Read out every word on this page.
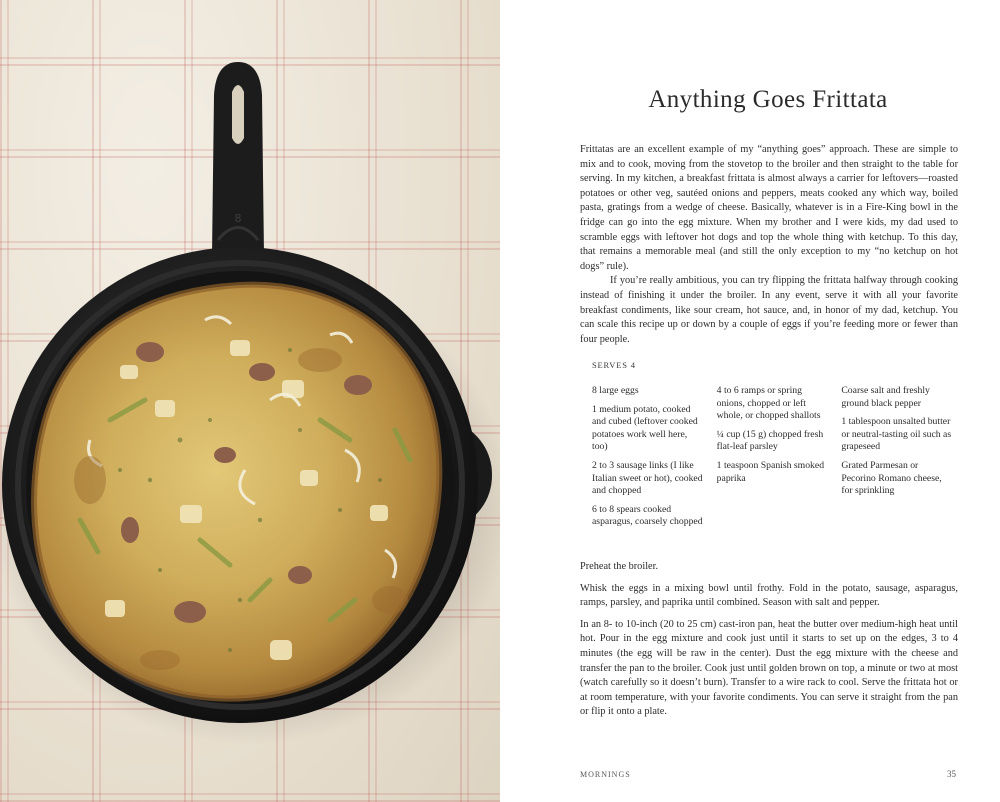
8
Anything Goes Frittata

Frittatas are an excellent example of my “anything goes” approach. These are simple to mix and to cook, moving from the stovetop to the broiler and then straight to the table for serving. In my kitchen, a breakfast frittata is almost always a carrier for leftovers—roasted potatoes or other veg, sautéed onions and peppers, meats cooked any which way, boiled pasta, gratings from a wedge of cheese. Basically, whatever is in a Fire-King bowl in the fridge can go into the egg mixture. When my brother and I were kids, my dad used to scramble eggs with leftover hot dogs and top the whole thing with ketchup. To this day, that remains a memorable meal (and still the only exception to my “no ketchup on hot dogs” rule).

If you’re really ambitious, you can try flipping the frittata halfway through cooking instead of finishing it under the broiler. In any event, serve it with all your favorite breakfast condiments, like sour cream, hot sauce, and, in honor of my dad, ketchup. You can scale this recipe up or down by a couple of eggs if you’re feeding more or fewer than four people.

SERVES 4

8 large eggs
1 medium potato, cooked and cubed (leftover cooked potatoes work well here, too)
2 to 3 sausage links (I like Italian sweet or hot), cooked and chopped
6 to 8 spears cooked asparagus, coarsely chopped
4 to 6 ramps or spring onions, chopped or left whole, or chopped shallots
¼ cup (15 g) chopped fresh flat-leaf parsley
1 teaspoon Spanish smoked paprika
Coarse salt and freshly ground black pepper
1 tablespoon unsalted butter or neutral-tasting oil such as grapeseed
Grated Parmesan or Pecorino Romano cheese, for sprinkling

Preheat the broiler.

Whisk the eggs in a mixing bowl until frothy. Fold in the potato, sausage, asparagus, ramps, parsley, and paprika until combined. Season with salt and pepper.

In an 8- to 10-inch (20 to 25 cm) cast-iron pan, heat the butter over medium-high heat until hot. Pour in the egg mixture and cook just until it starts to set up on the edges, 3 to 4 minutes (the egg will be raw in the center). Dust the egg mixture with the cheese and transfer the pan to the broiler. Cook just until golden brown on top, a minute or two at most (watch carefully so it doesn’t burn). Transfer to a wire rack to cool. Serve the frittata hot or at room temperature, with your favorite condiments. You can serve it straight from the pan or flip it onto a plate.

MORNINGS	35
